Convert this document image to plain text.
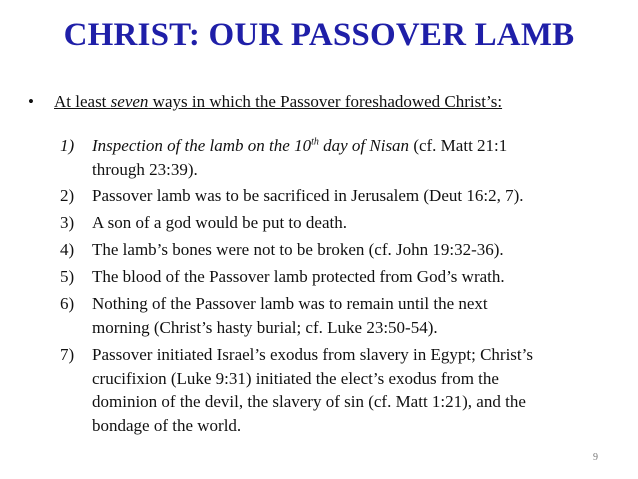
CHRIST: OUR PASSOVER LAMB
• At least seven ways in which the Passover foreshadowed Christ’s:
1) Inspection of the lamb on the 10th day of Nisan (cf. Matt 21:1
through 23:39).
2) Passover lamb was to be sacrificed in Jerusalem (Deut 16:2, 7).
3) A son of a god would be put to death.
4) The lamb’s bones were not to be broken (cf. John 19:32-36).
5) The blood of the Passover lamb protected from God’s wrath.
6) Nothing of the Passover lamb was to remain until the next
morning (Christ’s hasty burial; cf. Luke 23:50-54).
7) Passover initiated Israel’s exodus from slavery in Egypt; Christ’s
crucifixion (Luke 9:31) initiated the elect’s exodus from the
dominion of the devil, the slavery of sin (cf. Matt 1:21), and the
bondage of the world.
9
